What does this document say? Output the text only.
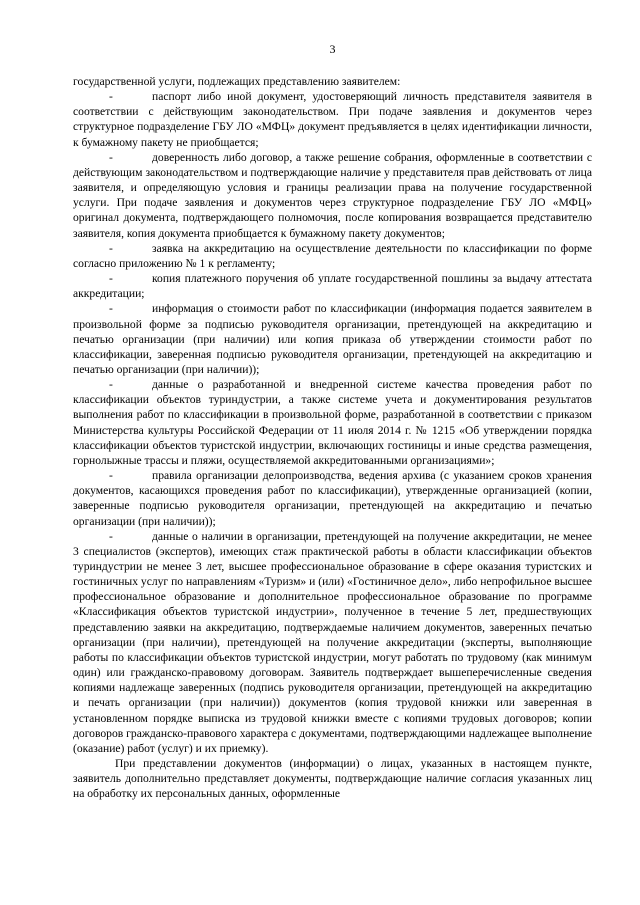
3

государственной услуги, подлежащих представлению заявителем:

-	паспорт либо иной документ, удостоверяющий личность представителя заявителя в соответствии с действующим законодательством. При подаче заявления и документов через структурное подразделение ГБУ ЛО «МФЦ» документ предъявляется в целях идентификации личности, к бумажному пакету не приобщается;

-	доверенность либо договор, а также решение собрания, оформленные в соответствии с действующим законодательством и подтверждающие наличие у представителя прав действовать от лица заявителя, и определяющую условия и границы реализации права на получение государственной услуги. При подаче заявления и документов через структурное подразделение ГБУ ЛО «МФЦ» оригинал документа, подтверждающего полномочия, после копирования возвращается представителю заявителя, копия документа приобщается к бумажному пакету документов;

-	заявка на аккредитацию на осуществление деятельности по классификации по форме согласно приложению № 1 к регламенту;

-	копия платежного поручения об уплате государственной пошлины за выдачу аттестата аккредитации;

-	информация о стоимости работ по классификации (информация подается заявителем в произвольной форме за подписью руководителя организации, претендующей на аккредитацию и печатью организации (при наличии) или копия приказа об утверждении стоимости работ по классификации, заверенная подписью руководителя организации, претендующей на аккредитацию и печатью организации (при наличии));

-	данные о разработанной и внедренной системе качества проведения работ по классификации объектов туриндустрии, а также системе учета и документирования результатов выполнения работ по классификации в произвольной форме, разработанной в соответствии с приказом Министерства культуры Российской Федерации от 11 июля 2014 г. № 1215 «Об утверждении порядка классификации объектов туристской индустрии, включающих гостиницы и иные средства размещения, горнолыжные трассы и пляжи, осуществляемой аккредитованными организациями»;

-	правила организации делопроизводства, ведения архива (с указанием сроков хранения документов, касающихся проведения работ по классификации), утвержденные организацией (копии, заверенные подписью руководителя организации, претендующей на аккредитацию и печатью организации (при наличии));

-	данные о наличии в организации, претендующей на получение аккредитации, не менее 3 специалистов (экспертов), имеющих стаж практической работы в области классификации объектов туриндустрии не менее 3 лет, высшее профессиональное образование в сфере оказания туристских и гостиничных услуг по направлениям «Туризм» и (или) «Гостиничное дело», либо непрофильное высшее профессиональное образование и дополнительное профессиональное образование по программе «Классификация объектов туристской индустрии», полученное в течение 5 лет, предшествующих представлению заявки на аккредитацию, подтверждаемые наличием документов, заверенных печатью организации (при наличии), претендующей на получение аккредитации (эксперты, выполняющие работы по классификации объектов туристской индустрии, могут работать по трудовому (как минимум один) или гражданско-правовому договорам. Заявитель подтверждает вышеперечисленные сведения копиями надлежаще заверенных (подпись руководителя организации, претендующей на аккредитацию и печать организации (при наличии)) документов (копия трудовой книжки или заверенная в установленном порядке выписка из трудовой книжки вместе с копиями трудовых договоров; копии договоров гражданско-правового характера с документами, подтверждающими надлежащее выполнение (оказание) работ (услуг) и их приемку).

При представлении документов (информации) о лицах, указанных в настоящем пункте, заявитель дополнительно представляет документы, подтверждающие наличие согласия указанных лиц на обработку их персональных данных, оформленные
